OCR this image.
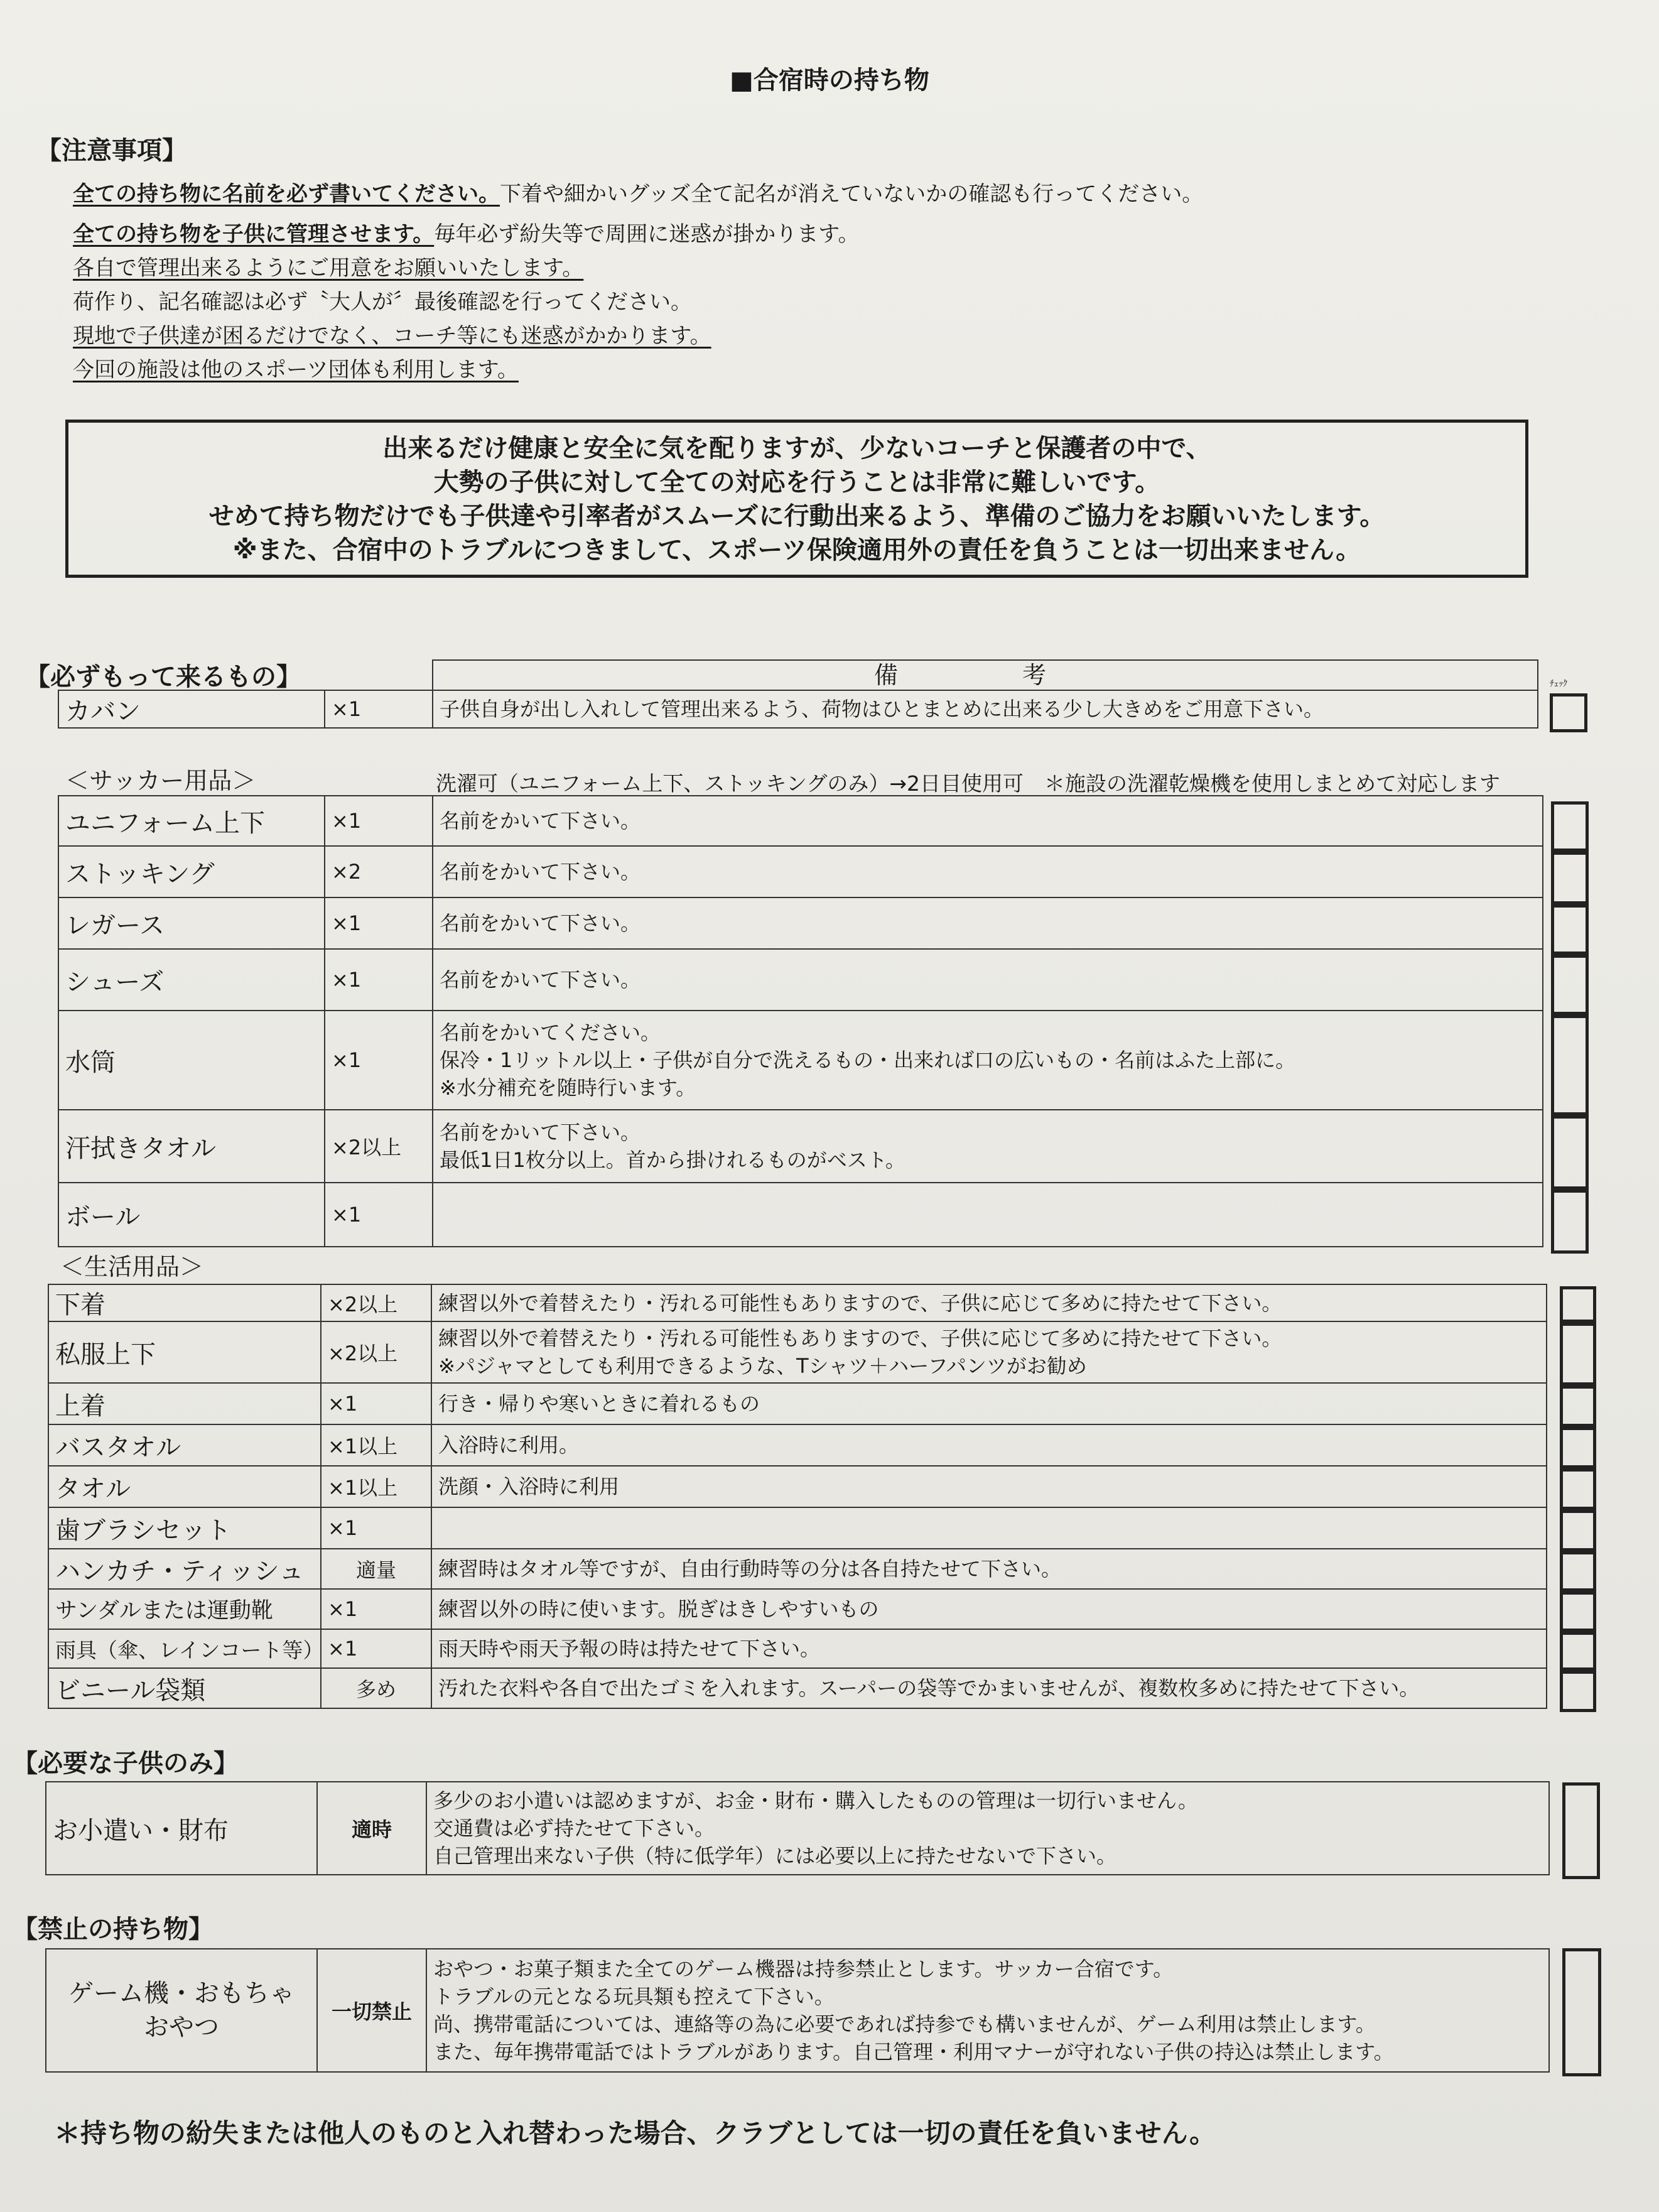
■合宿時の持ち物
【注意事項】
全ての持ち物に名前を必ず書いてください。下着や細かいグッズ全て記名が消えていないかの確認も行ってください。
全ての持ち物を子供に管理させます。毎年必ず紛失等で周囲に迷惑が掛かります。
各自で管理出来るようにご用意をお願いいたします。
荷作り、記名確認は必ず〝大人が〞最後確認を行ってください。
現地で子供達が困るだけでなく、コーチ等にも迷惑がかかります。
今回の施設は他のスポーツ団体も利用します。
出来るだけ健康と安全に気を配りますが、少ないコーチと保護者の中で、
大勢の子供に対して全ての対応を行うことは非常に難しいです。
せめて持ち物だけでも子供達や引率者がスムーズに行動出来るよう、準備のご協力をお願いいたします。
※また、合宿中のトラブルにつきまして、スポーツ保険適用外の責任を負うことは一切出来ません。
【必ずもって来るもの】	備　考	ﾁｪｯｸ
カバン	×1	子供自身が出し入れして管理出来るよう、荷物はひとまとめに出来る少し大きめをご用意下さい。
＜サッカー用品＞	洗濯可（ユニフォーム上下、ストッキングのみ）→2日目使用可　＊施設の洗濯乾燥機を使用しまとめて対応します
ユニフォーム上下	×1	名前をかいて下さい。

ストッキング	×2	名前をかいて下さい。

レガース	×1	名前をかいて下さい。

シューズ	×1	名前をかいて下さい。

水筒	×1	名前をかいてください。
保冷・1リットル以上・子供が自分で洗えるもの・出来れば口の広いもの・名前はふた上部に。
※水分補充を随時行います。

汗拭きタオル	×2以上	名前をかいて下さい。
最低1日1枚分以上。首から掛けれるものがベスト。

ボール	×1	
＜生活用品＞
下着	×2以上	練習以外で着替えたり・汚れる可能性もありますので、子供に応じて多めに持たせて下さい。
私服上下	×2以上	練習以外で着替えたり・汚れる可能性もありますので、子供に応じて多めに持たせて下さい。
※パジャマとしても利用できるような、Tシャツ＋ハーフパンツがお勧め

上着	×1	行き・帰りや寒いときに着れるもの
バスタオル	×1以上	入浴時に利用。
タオル	×1以上	洗顔・入浴時に利用
歯ブラシセット	×1	
ハンカチ・ティッシュ	適量	練習時はタオル等ですが、自由行動時等の分は各自持たせて下さい。
サンダルまたは運動靴	×1	練習以外の時に使います。脱ぎはきしやすいもの
雨具（傘、レインコート等）	×1	雨天時や雨天予報の時は持たせて下さい。
ビニール袋類	多め	汚れた衣料や各自で出たゴミを入れます。スーパーの袋等でかまいませんが、複数枚多めに持たせて下さい。
【必要な子供のみ】
お小遣い・財布	適時	
多少のお小遣いは認めますが、お金・財布・購入したものの管理は一切行いません。
交通費は必ず持たせて下さい。
自己管理出来ない子供（特に低学年）には必要以上に持たせないで下さい。
【禁止の持ち物】
ゲーム機・おもちゃ
おやつ
	一切禁止	
おやつ・お菓子類また全てのゲーム機器は持参禁止とします。サッカー合宿です。
トラブルの元となる玩具類も控えて下さい。
尚、携帯電話については、連絡等の為に必要であれば持参でも構いませんが、ゲーム利用は禁止します。
また、毎年携帯電話ではトラブルがあります。自己管理・利用マナーが守れない子供の持込は禁止します。
＊持ち物の紛失または他人のものと入れ替わった場合、クラブとしては一切の責任を負いません。
